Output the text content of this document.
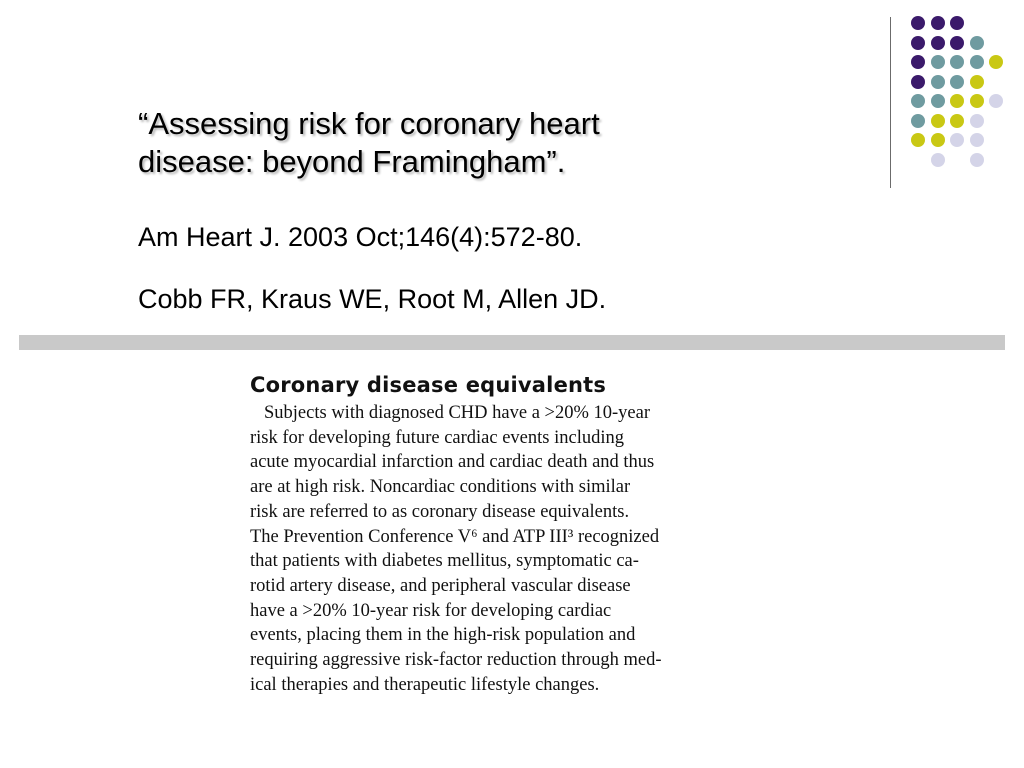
“Assessing risk for coronary heart
disease: beyond Framingham”.

Am Heart J. 2003 Oct;146(4):572-80.

Cobb FR, Kraus WE, Root M, Allen JD.

Coronary disease equivalents
Subjects with diagnosed CHD have a >20% 10-year
risk for developing future cardiac events including
acute myocardial infarction and cardiac death and thus
are at high risk. Noncardiac conditions with similar
risk are referred to as coronary disease equivalents.
The Prevention Conference V⁶ and ATP III³ recognized
that patients with diabetes mellitus, symptomatic ca-
rotid artery disease, and peripheral vascular disease
have a >20% 10-year risk for developing cardiac
events, placing them in the high-risk population and
requiring aggressive risk-factor reduction through med-
ical therapies and therapeutic lifestyle changes.
